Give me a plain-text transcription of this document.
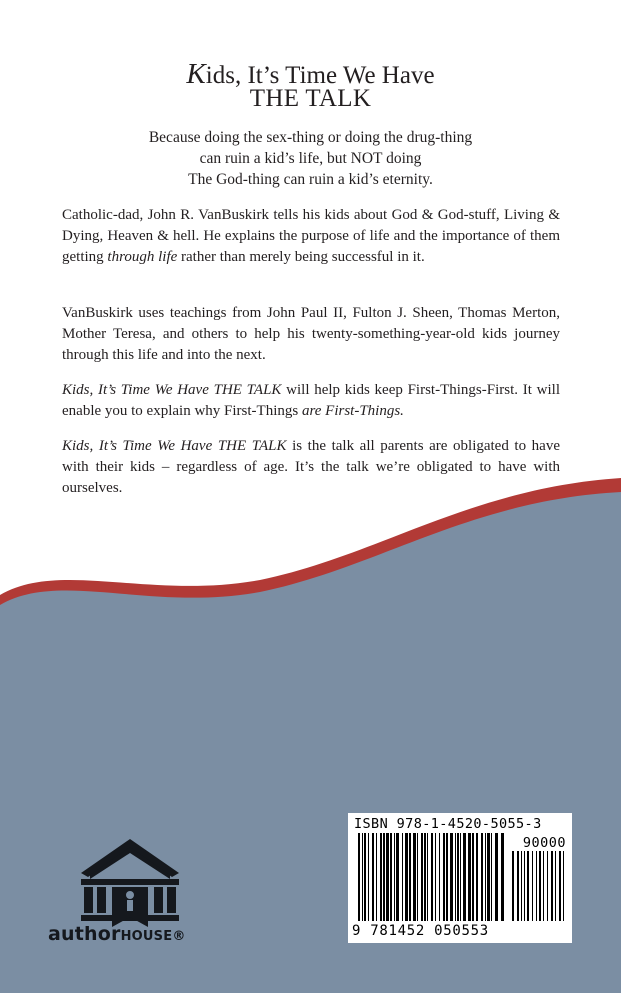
Kids, It’s Time We Have
THE TALK
Because doing the sex-thing or doing the drug-thing
can ruin a kid’s life, but NOT doing
The God-thing can ruin a kid’s eternity.

Catholic-dad, John R. VanBuskirk tells his kids about God & God-stuff, Living & Dying, Heaven & hell. He explains the purpose of life and the importance of them getting through life rather than merely being successful in it.

VanBuskirk uses teachings from John Paul II, Fulton J. Sheen, Thomas Merton, Mother Teresa, and others to help his twenty-something-year-old kids journey through this life and into the next.

Kids, It’s Time We Have THE TALK will help kids keep First-Things-First. It will enable you to explain why First-Things are First-Things.

Kids, It’s Time We Have THE TALK is the talk all parents are obligated to have with their kids – regardless of age. It’s the talk we’re obligated to have with ourselves.

authorHOUSE®
ISBN 978-1-4520-5055-3
90000
9 781452 050553
